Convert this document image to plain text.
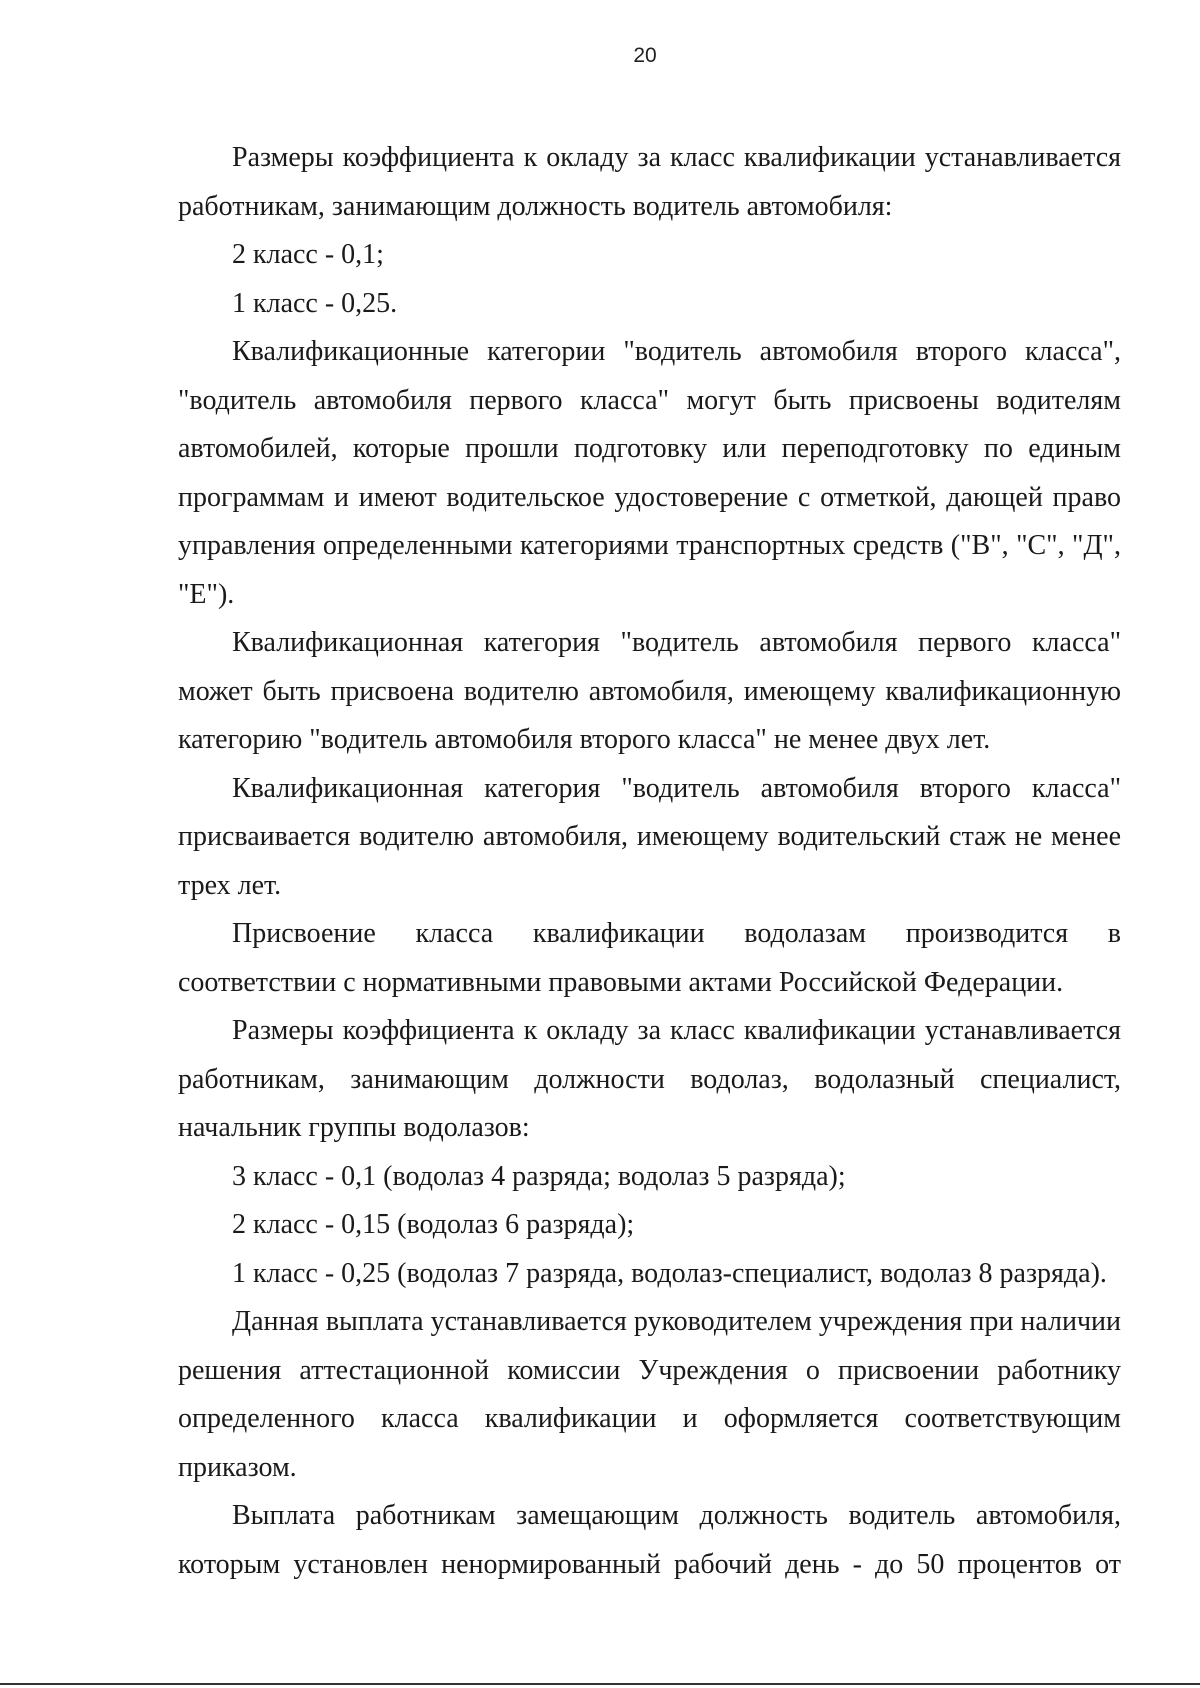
20

Размеры коэффициента к окладу за класс квалификации устанавливается работникам, занимающим должность водитель автомобиля:

2 класс - 0,1;

1 класс - 0,25.

Квалификационные категории "водитель автомобиля второго класса", "водитель автомобиля первого класса" могут быть присвоены водителям автомобилей, которые прошли подготовку или переподготовку по единым программам и имеют водительское удостоверение с отметкой, дающей право управления определенными категориями транспортных средств ("В", "С", "Д", "Е").

Квалификационная категория "водитель автомобиля первого класса" может быть присвоена водителю автомобиля, имеющему квалификационную категорию "водитель автомобиля второго класса" не менее двух лет.

Квалификационная категория "водитель автомобиля второго класса" присваивается водителю автомобиля, имеющему водительский стаж не менее трех лет.

Присвоение класса квалификации водолазам производится в соответствии с нормативными правовыми актами Российской Федерации.

Размеры коэффициента к окладу за класс квалификации устанавливается работникам, занимающим должности водолаз, водолазный специалист, начальник группы водолазов:

3 класс - 0,1 (водолаз 4 разряда; водолаз 5 разряда);

2 класс - 0,15 (водолаз 6 разряда);

1 класс - 0,25 (водолаз 7 разряда, водолаз-специалист, водолаз 8 разряда).

Данная выплата устанавливается руководителем учреждения при наличии решения аттестационной комиссии Учреждения о присвоении работнику определенного класса квалификации и оформляется соответствующим приказом.

Выплата работникам замещающим должность водитель автомобиля, которым установлен ненормированный рабочий день - до 50 процентов от
